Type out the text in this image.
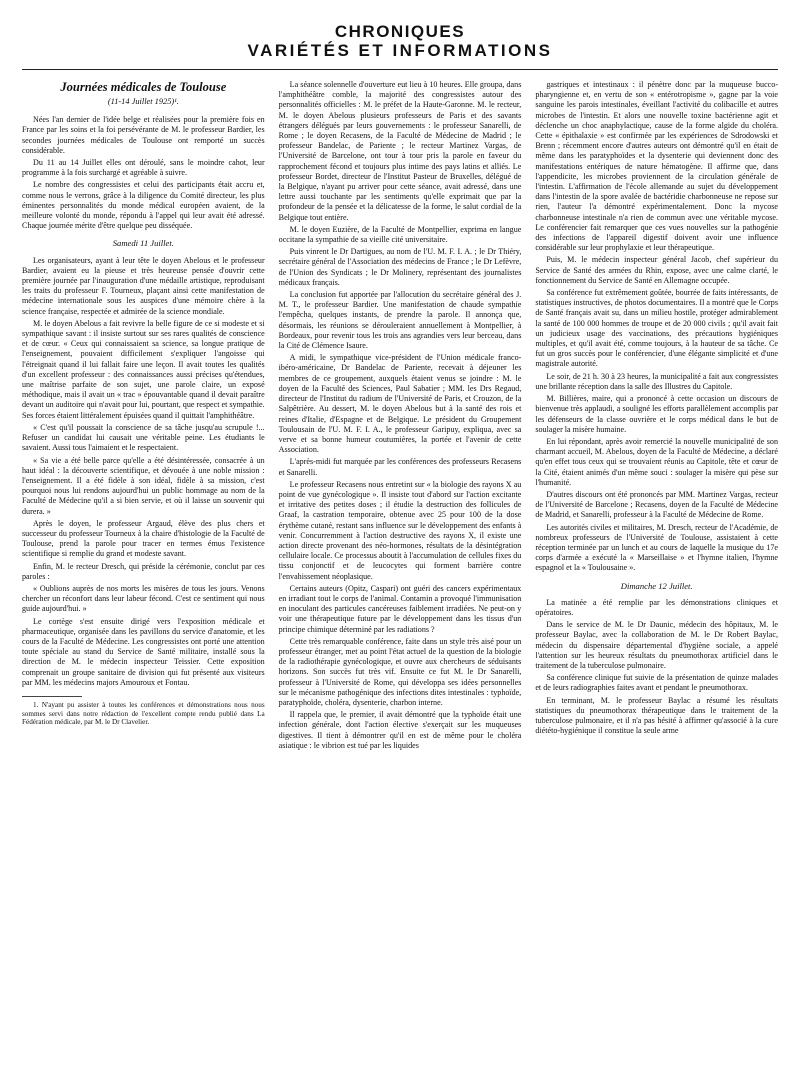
CHRONIQUES
VARIÉTÉS ET INFORMATIONS

Journées médicales de Toulouse

(11-14 Juillet 1925)¹.

Nées l'an dernier de l'idée belge et réalisées pour la première fois en France par les soins et la foi persévérante de M. le professeur Bardier, les secondes journées médicales de Toulouse ont remporté un succès considérable.

Du 11 au 14 Juillet elles ont déroulé, sans le moindre cahot, leur programme à la fois surchargé et agréable à suivre.

Le nombre des congressistes et celui des participants était accru et, comme nous le verrons, grâce à la diligence du Comité directeur, les plus éminentes personnalités du monde médical européen avaient, de la meilleure volonté du monde, répondu à l'appel qui leur avait été adressé. Chaque journée mérite d'être quelque peu disséquée.

Samedi 11 Juillet.

Les organisateurs, ayant à leur tête le doyen Abelous et le professeur Bardier, avaient eu la pieuse et très heureuse pensée d'ouvrir cette première journée par l'inauguration d'une médaille artistique, reproduisant les traits du professeur F. Tourneux, plaçant ainsi cette manifestation de médecine internationale sous les auspices d'une mémoire chère à la science française, respectée et admirée de la science mondiale.

M. le doyen Abelous a fait revivre la belle figure de ce si modeste et si sympathique savant : il insiste surtout sur ses rares qualités de conscience et de cœur. « Ceux qui connaissaient sa science, sa longue pratique de l'enseignement, pouvaient difficilement s'expliquer l'angoisse qui l'étreignait quand il lui fallait faire une leçon. Il avait toutes les qualités d'un excellent professeur : des connaissances aussi précises qu'étendues, une maîtrise parfaite de son sujet, une parole claire, un exposé méthodique, mais il avait un « trac » épouvantable quand il devait paraître devant un auditoire qui n'avait pour lui, pourtant, que respect et sympathie. Ses forces étaient littéralement épuisées quand il quittait l'amphithéâtre.

« C'est qu'il poussait la conscience de sa tâche jusqu'au scrupule !... Refuser un candidat lui causait une véritable peine. Les étudiants le savaient. Aussi tous l'aimaient et le respectaient.

« Sa vie a été belle parce qu'elle a été désintéressée, consacrée à un haut idéal : la découverte scientifique, et dévouée à une noble mission : l'enseignement. Il a été fidèle à son idéal, fidèle à sa mission, c'est pourquoi nous lui rendons aujourd'hui un public hommage au nom de la Faculté de Médecine qu'il a si bien servie, et où il laisse un souvenir qui durera. »

Après le doyen, le professeur Argaud, élève des plus chers et successeur du professeur Tourneux à la chaire d'histologie de la Faculté de Toulouse, prend la parole pour tracer en termes émus l'existence scientifique si remplie du grand et modeste savant.

Enfin, M. le recteur Dresch, qui préside la cérémonie, conclut par ces paroles :

« Oublions auprès de nos morts les misères de tous les jours. Venons chercher un réconfort dans leur labeur fécond. C'est ce sentiment qui nous guide aujourd'hui. »

Le cortège s'est ensuite dirigé vers l'exposition médicale et pharmaceutique, organisée dans les pavillons du service d'anatomie, et les cours de la Faculté de Médecine. Les congressistes ont porté une attention toute spéciale au stand du Service de Santé militaire, installé sous la direction de M. le médecin inspecteur Teissier. Cette exposition comprenait un groupe sanitaire de division qui fut présenté aux visiteurs par MM. les médecins majors Amouroux et Fontau.

1. N'ayant pu assister à toutes les conférences et démonstrations nous nous sommes servi dans notre rédaction de l'excellent compte rendu publié dans La Fédération médicale, par M. le Dr Clavelier.

La séance solennelle d'ouverture eut lieu à 10 heures. Elle groupa, dans l'amphithéâtre comble, la majorité des congressistes autour des personnalités officielles : M. le préfet de la Haute-Garonne. M. le recteur, M. le doyen Abelous plusieurs professeurs de Paris et des savants étrangers délégués par leurs gouvernements : le professeur Sanarelli, de Rome ; le doyen Recasens, de la Faculté de Médecine de Madrid ; le professeur Bandelac, de Pariente ; le recteur Martinez Vargas, de l'Université de Barcelone, ont tour à tour pris la parole en faveur du rapprochement fécond et toujours plus intime des pays latins et alliés. Le professeur Bordet, directeur de l'Institut Pasteur de Bruxelles, délégué de la Belgique, n'ayant pu arriver pour cette séance, avait adressé, dans une lettre aussi touchante par les sentiments qu'elle exprimait que par la profondeur de la pensée et la délicatesse de la forme, le salut cordial de la Belgique tout entière.

M. le doyen Euzière, de la Faculté de Montpellier, exprima en langue occitane la sympathie de sa vieille cité universitaire.

Puis vinrent le Dr Dartigues, au nom de l'U. M. F. I. A. ; le Dr Thiéry, secrétaire général de l'Association des médecins de France ; le Dr Lefèvre, de l'Union des Syndicats ; le Dr Molinery, représentant des journalistes médicaux français.

La conclusion fut apportée par l'allocution du secrétaire général des J. M. T., le professeur Bardier. Une manifestation de chaude sympathie l'empêcha, quelques instants, de prendre la parole. Il annonça que, désormais, les réunions se dérouleraient annuellement à Montpellier, à Bordeaux, pour revenir tous les trois ans agrandies vers leur berceau, dans la Cité de Clémence Isaure.

A midi, le sympathique vice-président de l'Union médicale franco-ibéro-américaine, Dr Bandelac de Pariente, recevait à déjeuner les membres de ce groupement, auxquels étaient venus se joindre : M. le doyen de la Faculté des Sciences, Paul Sabatier ; MM. les Drs Regaud, directeur de l'Institut du radium de l'Université de Paris, et Crouzon, de la Salpêtrière. Au dessert, M. le doyen Abelous but à la santé des rois et reines d'Italie, d'Espagne et de Belgique. Le président du Groupement Toulousain de l'U. M. F. I. A., le professeur Garipuy, expliqua, avec sa verve et sa bonne humeur coutumières, la portée et l'avenir de cette Association.

L'après-midi fut marquée par les conférences des professeurs Recasens et Sanarelli.

Le professeur Recasens nous entretint sur « la biologie des rayons X au point de vue gynécologique ». Il insiste tout d'abord sur l'action excitante et irritative des petites doses ; il étudie la destruction des follicules de Graaf, la castration temporaire, obtenue avec 25 pour 100 de la dose érythème cutané, restant sans influence sur le développement des enfants à venir. Concurremment à l'action destructive des rayons X, il existe une action directe provenant des néo-hormones, résultats de la désintégration cellulaire locale. Ce processus aboutit à l'accumulation de cellules fixes du tissu conjonctif et de leucocytes qui forment barrière contre l'envahissement néoplasique.

Certains auteurs (Opitz, Caspari) ont guéri des cancers expérimentaux en irradiant tout le corps de l'animal. Contamin a provoqué l'immunisation en inoculant des particules cancéreuses faiblement irradiées. Ne peut-on y voir une thérapeutique future par le développement dans les tissus d'un principe chimique déterminé par les radiations ?

Cette très remarquable conférence, faite dans un style très aisé pour un professeur étranger, met au point l'état actuel de la question de la biologie de la radiothérapie gynécologique, et ouvre aux chercheurs de séduisants horizons. Son succès fut très vif. Ensuite ce fut M. le Dr Sanarelli, professeur à l'Université de Rome, qui développa ses idées personnelles sur le mécanisme pathogénique des infections dites intestinales : typhoïde, paratyphoïde, choléra, dysenterie, charbon interne.

Il rappela que, le premier, il avait démontré que la typhoïde était une infection générale, dont l'action élective s'exerçait sur les muqueuses digestives. Il tient à démontrer qu'il en est de même pour le choléra asiatique : le vibrion est tué par les liquides

gastriques et intestinaux : il pénètre donc par la muqueuse bucco-pharyngienne et, en vertu de son « entérotropisme », gagne par la voie sanguine les parois intestinales, éveillant l'activité du colibacille et autres microbes de l'intestin. Et alors une nouvelle toxine bactérienne agit et déclenche un choc anaphylactique, cause de la forme algide du choléra. Cette « épithalaxie » est confirmée par les expériences de Sdrodowski et Brenn ; récemment encore d'autres auteurs ont démontré qu'il en était de même dans les paratyphoïdes et la dysenterie qui deviennent donc des manifestations entériques de nature hématogène. Il affirme que, dans l'appendicite, les microbes proviennent de la circulation générale de l'intestin. L'affirmation de l'école allemande au sujet du développement dans l'intestin de la spore avalée de bactéridie charbonneuse ne repose sur rien, l'auteur l'a démontré expérimentalement. Donc la mycose charbonneuse intestinale n'a rien de commun avec une véritable mycose. Le conférencier fait remarquer que ces vues nouvelles sur la pathogénie des infections de l'appareil digestif doivent avoir une influence considérable sur leur prophylaxie et leur thérapeutique.

Puis, M. le médecin inspecteur général Jacob, chef supérieur du Service de Santé des armées du Rhin, expose, avec une calme clarté, le fonctionnement du Service de Santé en Allemagne occupée.

Sa conférence fut extrêmement goûtée, bourrée de faits intéressants, de statistiques instructives, de photos documentaires. Il a montré que le Corps de Santé français avait su, dans un milieu hostile, protéger admirablement la santé de 100 000 hommes de troupe et de 20 000 civils ; qu'il avait fait un judicieux usage des vaccinations, des précautions hygiéniques multiples, et qu'il avait été, comme toujours, à la hauteur de sa tâche. Ce fut un gros succès pour le conférencier, d'une élégante simplicité et d'une magistrale autorité.

Le soir, de 21 h. 30 à 23 heures, la municipalité a fait aux congressistes une brillante réception dans la salle des Illustres du Capitole.

M. Billières, maire, qui a prononcé à cette occasion un discours de bienvenue très applaudi, a souligné les efforts parallèlement accomplis par les défenseurs de la classe ouvrière et le corps médical dans le but de soulager la misère humaine.

En lui répondant, après avoir remercié la nouvelle municipalité de son charmant accueil, M. Abelous, doyen de la Faculté de Médecine, a déclaré qu'en effet tous ceux qui se trouvaient réunis au Capitole, tête et cœur de la Cité, étaient animés d'un même souci : soulager la misère qui pèse sur l'humanité.

D'autres discours ont été prononcés par MM. Martinez Vargas, recteur de l'Université de Barcelone ; Recasens, doyen de la Faculté de Médecine de Madrid, et Sanarelli, professeur à la Faculté de Médecine de Rome.

Les autorités civiles et militaires, M. Dresch, recteur de l'Académie, de nombreux professeurs de l'Université de Toulouse, assistaient à cette réception terminée par un lunch et au cours de laquelle la musique du 17e corps d'armée a exécuté la « Marseillaise » et l'hymne italien, l'hymne espagnol et la « Toulousaine ».

Dimanche 12 Juillet.

La matinée a été remplie par les démonstrations cliniques et opératoires.

Dans le service de M. le Dr Daunic, médecin des hôpitaux, M. le professeur Baylac, avec la collaboration de M. le Dr Robert Baylac, médecin du dispensaire départemental d'hygiène sociale, a appelé l'attention sur les heureux résultats du pneumothorax artificiel dans le traitement de la tuberculose pulmonaire.

Sa conférence clinique fut suivie de la présentation de quinze malades et de leurs radiographies faites avant et pendant le pneumothorax.

En terminant, M. le professeur Baylac a résumé les résultats statistiques du pneumothorax thérapeutique dans le traitement de la tuberculose pulmonaire, et il n'a pas hésité à affirmer qu'associé à la cure diététo-hygiénique il constitue la seule arme
